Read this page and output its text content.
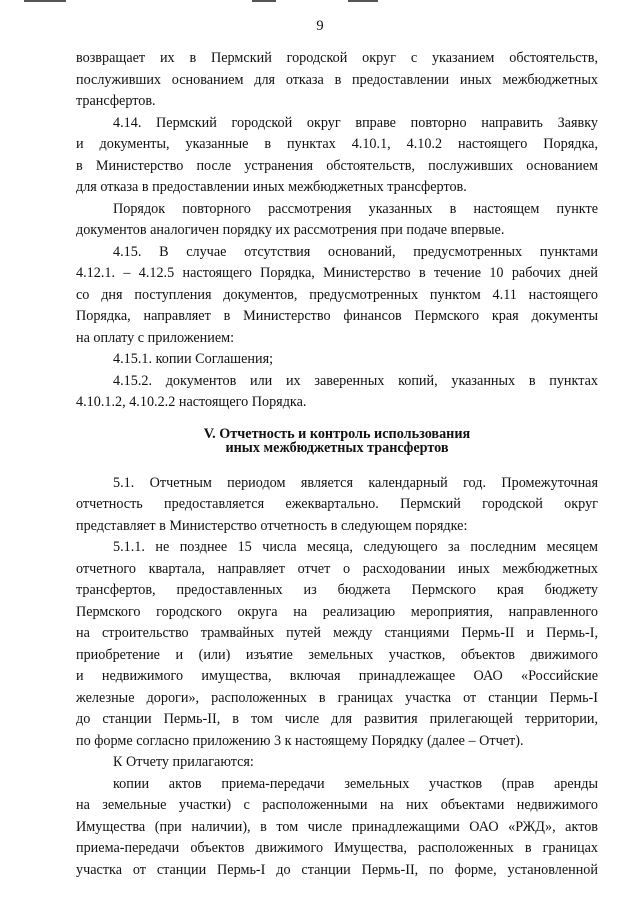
9
возвращает их в Пермский городской округ с указанием обстоятельств,
послуживших основанием для отказа в предоставлении иных межбюджетных
трансфертов.
4.14. Пермский городской округ вправе повторно направить Заявку
и документы, указанные в пунктах 4.10.1, 4.10.2 настоящего Порядка,
в Министерство после устранения обстоятельств, послуживших основанием
для отказа в предоставлении иных межбюджетных трансфертов.
Порядок повторного рассмотрения указанных в настоящем пункте
документов аналогичен порядку их рассмотрения при подаче впервые.
4.15. В случае отсутствия оснований, предусмотренных пунктами
4.12.1. – 4.12.5 настоящего Порядка, Министерство в течение 10 рабочих дней
со дня поступления документов, предусмотренных пунктом 4.11 настоящего
Порядка, направляет в Министерство финансов Пермского края документы
на оплату с приложением:
4.15.1. копии Соглашения;
4.15.2. документов или их заверенных копий, указанных в пунктах
4.10.1.2, 4.10.2.2 настоящего Порядка.
V. Отчетность и контроль использования
иных межбюджетных трансфертов
5.1. Отчетным периодом является календарный год. Промежуточная
отчетность предоставляется ежеквартально. Пермский городской округ
представляет в Министерство отчетность в следующем порядке:
5.1.1. не позднее 15 числа месяца, следующего за последним месяцем
отчетного квартала, направляет отчет о расходовании иных межбюджетных
трансфертов, предоставленных из бюджета Пермского края бюджету
Пермского городского округа на реализацию мероприятия, направленного
на строительство трамвайных путей между станциями Пермь-II и Пермь-I,
приобретение и (или) изъятие земельных участков, объектов движимого
и недвижимого имущества, включая принадлежащее ОАО «Российские
железные дороги», расположенных в границах участка от станции Пермь-I
до станции Пермь-II, в том числе для развития прилегающей территории,
по форме согласно приложению 3 к настоящему Порядку (далее – Отчет).
К Отчету прилагаются:
копии актов приема-передачи земельных участков (прав аренды
на земельные участки) с расположенными на них объектами недвижимого
Имущества (при наличии), в том числе принадлежащими ОАО «РЖД», актов
приема-передачи объектов движимого Имущества, расположенных в границах
участка от станции Пермь-I до станции Пермь-II, по форме, установленной
